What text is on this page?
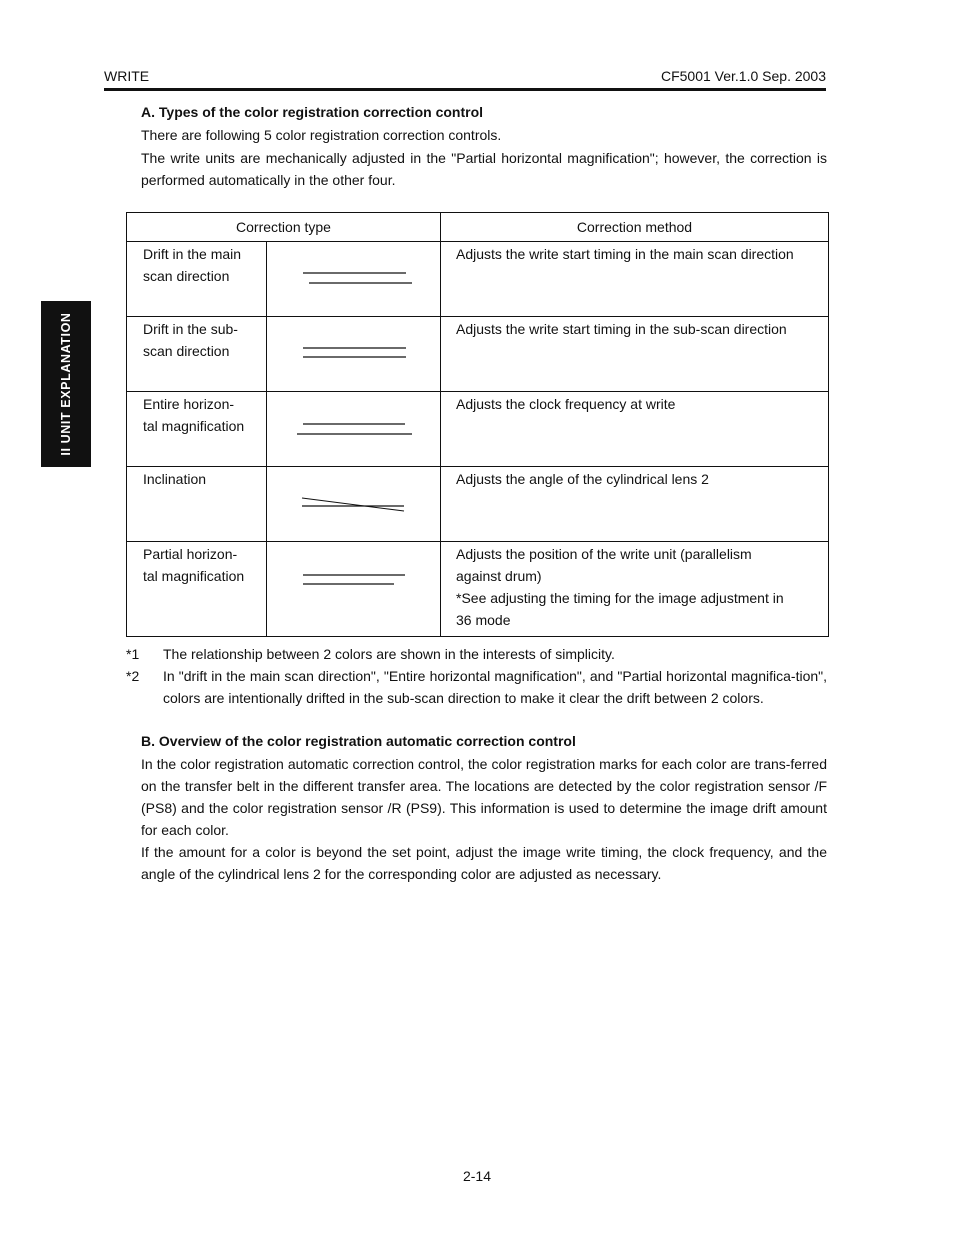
WRITE	CF5001 Ver.1.0 Sep. 2003
II UNIT EXPLANATION
A. Types of the color registration correction control

There are following 5 color registration correction controls.

The write units are mechanically adjusted in the "Partial horizontal magnification"; however, the correction is performed automatically in the other four.

Correction type		Correction method
Drift in the main
scan direction		Adjusts the write start timing in the main scan direction
Drift in the sub-
scan direction		Adjusts the write start timing in the sub-scan direction
Entire horizon-
tal magnification		Adjusts the clock frequency at write
Inclination		Adjusts the angle of the cylindrical lens 2
Partial horizon-
tal magnification		Adjusts the position of the write unit (parallelism
against drum)
*See adjusting the timing for the image adjustment in
36 mode
*1 The relationship between 2 colors are shown in the interests of simplicity.
*2 In "drift in the main scan direction", "Entire horizontal magnification", and "Partial horizontal magnifica-tion", colors are intentionally drifted in the sub-scan direction to make it clear the drift between 2 colors.
B. Overview of the color registration automatic correction control

In the color registration automatic correction control, the color registration marks for each color are trans-ferred on the transfer belt in the different transfer area. The locations are detected by the color registration sensor /F (PS8) and the color registration sensor /R (PS9). This information is used to determine the image drift amount for each color.

If the amount for a color is beyond the set point, adjust the image write timing, the clock frequency, and the angle of the cylindrical lens 2 for the corresponding color are adjusted as necessary.

2-14
